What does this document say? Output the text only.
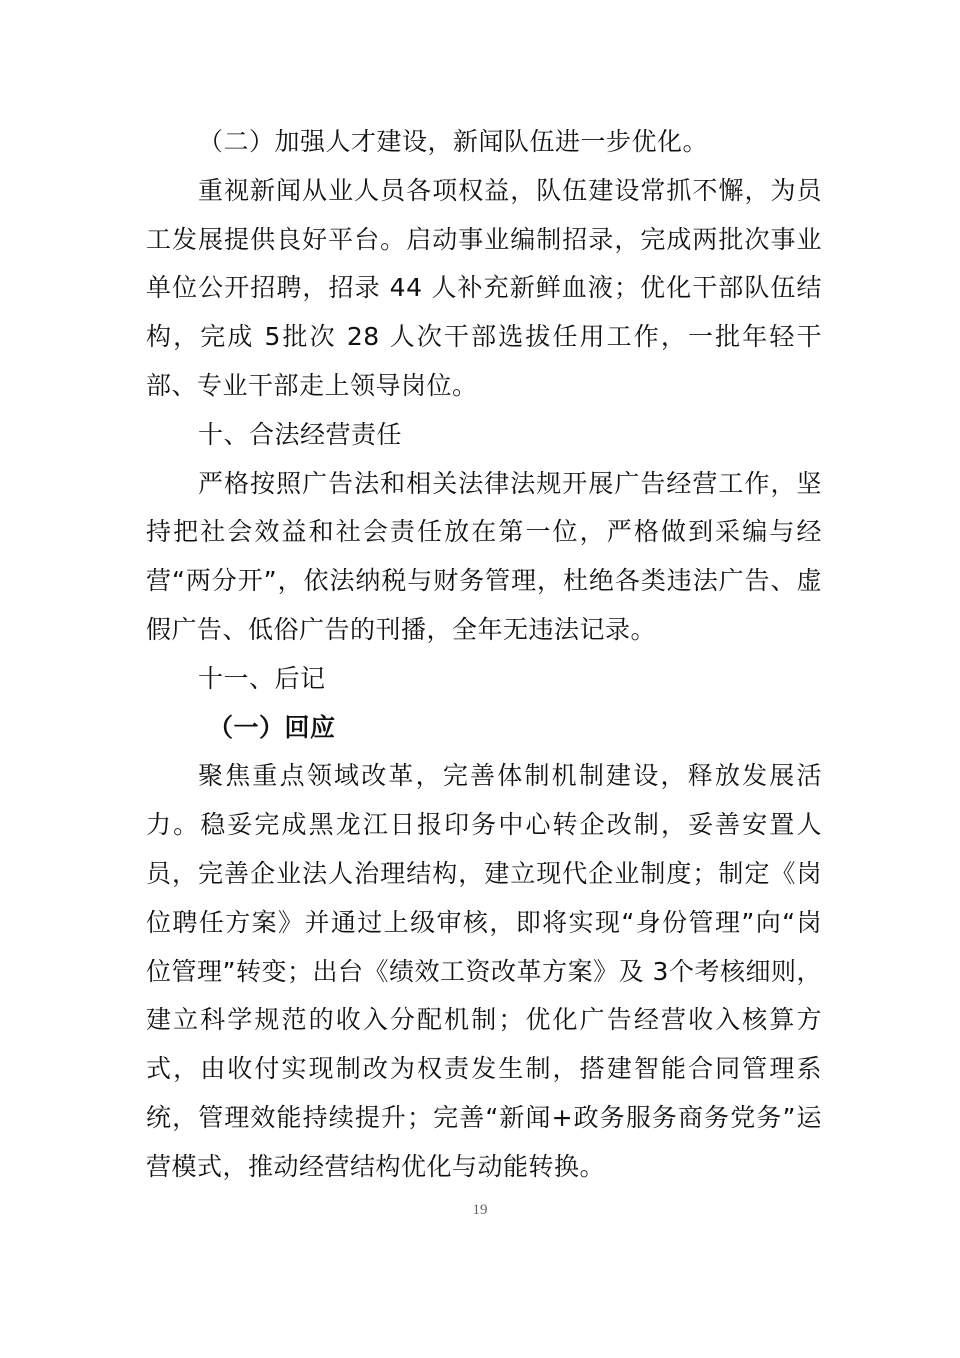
（二）加强人才建设，新闻队伍进一步优化。

重视新闻从业人员各项权益，队伍建设常抓不懈，为员工发展提供良好平台。启动事业编制招录，完成两批次事业单位公开招聘，招录 44 人补充新鲜血液；优化干部队伍结构，完成 5批次 28 人次干部选拔任用工作，一批年轻干部、专业干部走上领导岗位。

十、合法经营责任

严格按照广告法和相关法律法规开展广告经营工作，坚持把社会效益和社会责任放在第一位，严格做到采编与经营“两分开”，依法纳税与财务管理，杜绝各类违法广告、虚假广告、低俗广告的刊播，全年无违法记录。

十一、后记

（一）回应

聚焦重点领域改革，完善体制机制建设，释放发展活力。稳妥完成黑龙江日报印务中心转企改制，妥善安置人员，完善企业法人治理结构，建立现代企业制度；制定《岗位聘任方案》并通过上级审核，即将实现“身份管理”向“岗位管理”转变；出台《绩效工资改革方案》及 3个考核细则，建立科学规范的收入分配机制；优化广告经营收入核算方式，由收付实现制改为权责发生制，搭建智能合同管理系统，管理效能持续提升；完善“新闻+政务服务商务党务”运营模式，推动经营结构优化与动能转换。

19
